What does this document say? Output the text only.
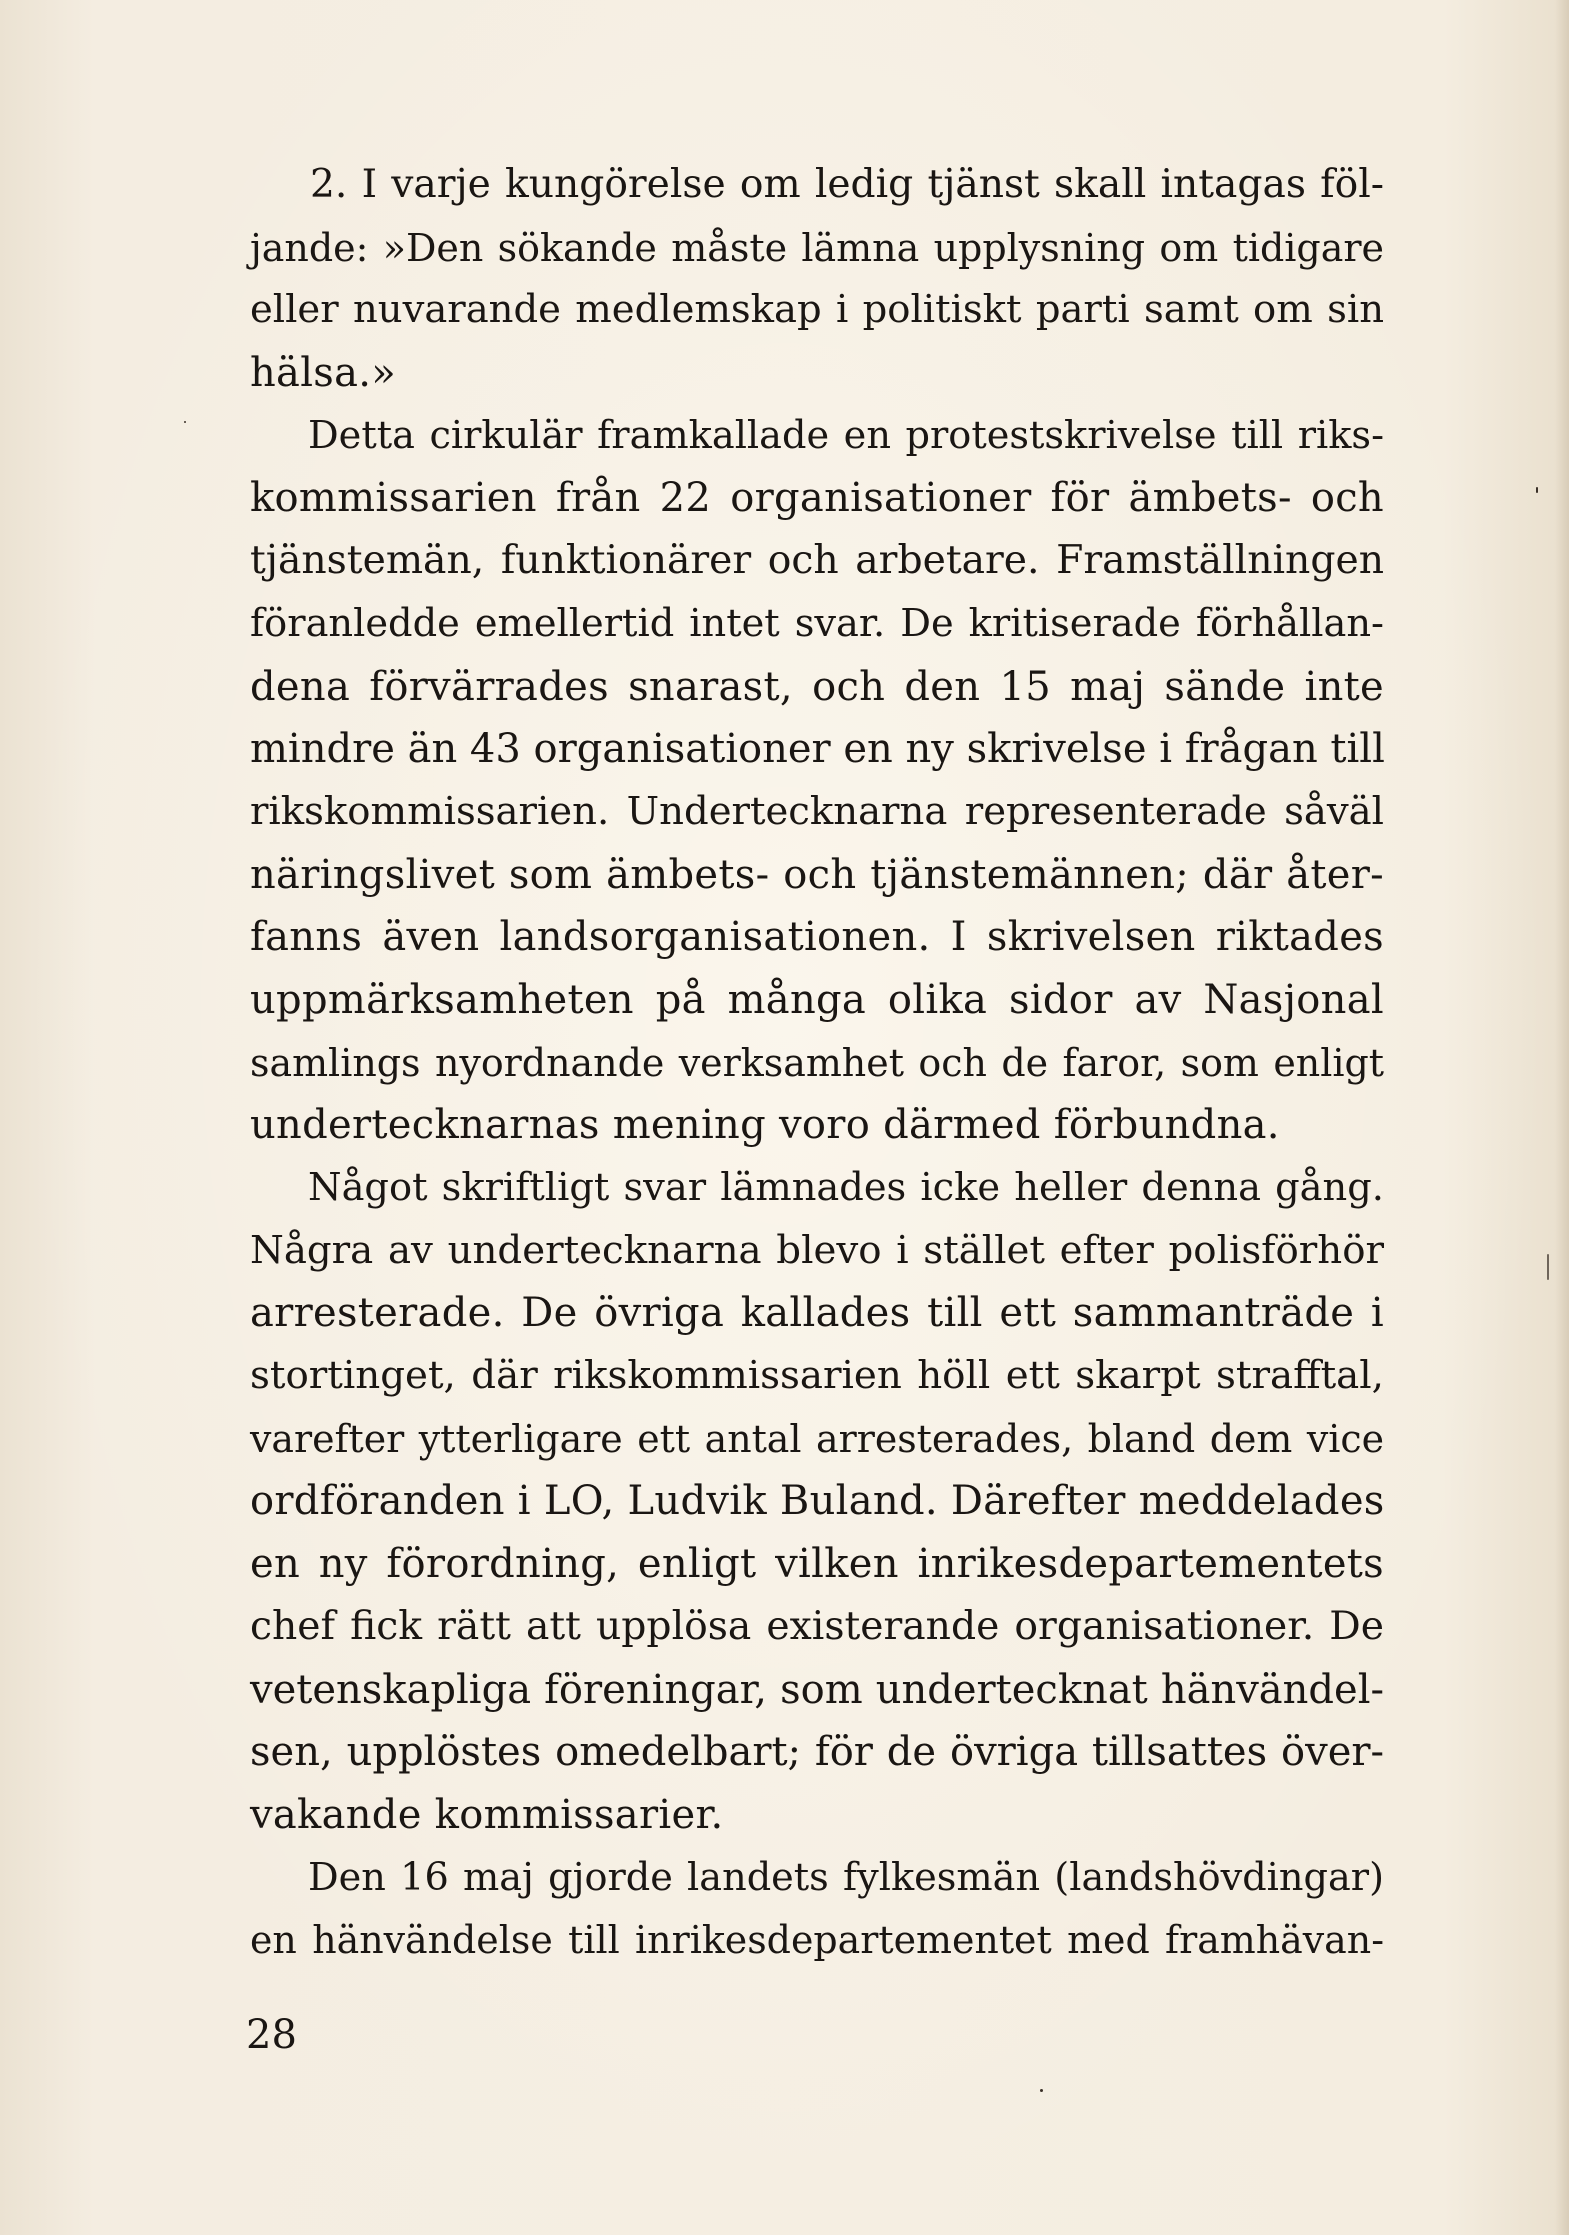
2. I varje kungörelse om ledig tjänst skall intagas föl-
jande: »Den sökande måste lämna upplysning om tidigare
eller nuvarande medlemskap i politiskt parti samt om sin
hälsa.»
Detta cirkulär framkallade en protestskrivelse till riks-
kommissarien från 22 organisationer för ämbets- och
tjänstemän, funktionärer och arbetare. Framställningen
föranledde emellertid intet svar. De kritiserade förhållan-
dena förvärrades snarast, och den 15 maj sände inte
mindre än 43 organisationer en ny skrivelse i frågan till
rikskommissarien. Undertecknarna representerade såväl
näringslivet som ämbets- och tjänstemännen; där åter-
fanns även landsorganisationen. I skrivelsen riktades
uppmärksamheten på många olika sidor av Nasjonal
samlings nyordnande verksamhet och de faror, som enligt
undertecknarnas mening voro därmed förbundna.
Något skriftligt svar lämnades icke heller denna gång.
Några av undertecknarna blevo i stället efter polisförhör
arresterade. De övriga kallades till ett sammanträde i
stortinget, där rikskommissarien höll ett skarpt strafftal,
varefter ytterligare ett antal arresterades, bland dem vice
ordföranden i LO, Ludvik Buland. Därefter meddelades
en ny förordning, enligt vilken inrikesdepartementets
chef fick rätt att upplösa existerande organisationer. De
vetenskapliga föreningar, som undertecknat hänvändel-
sen, upplöstes omedelbart; för de övriga tillsattes över-
vakande kommissarier.
Den 16 maj gjorde landets fylkesmän (landshövdingar)
en hänvändelse till inrikesdepartementet med framhävan-
28
